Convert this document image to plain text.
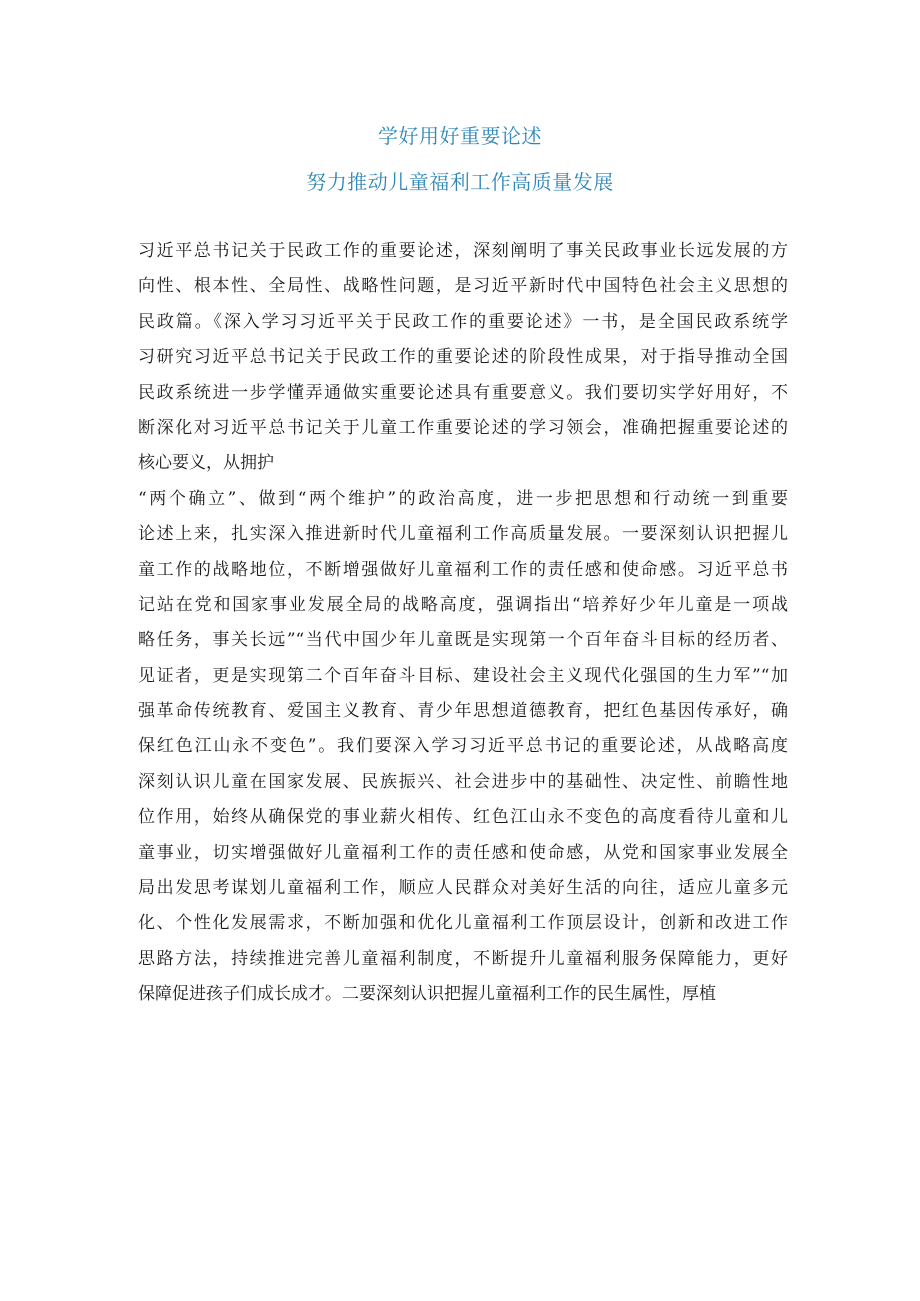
学好用好重要论述
努力推动儿童福利工作高质量发展
习近平总书记关于民政工作的重要论述，深刻阐明了事关民政事业长远发展的方
向性、根本性、全局性、战略性问题，是习近平新时代中国特色社会主义思想的
民政篇。《深入学习习近平关于民政工作的重要论述》一书，是全国民政系统学
习研究习近平总书记关于民政工作的重要论述的阶段性成果，对于指导推动全国
民政系统进一步学懂弄通做实重要论述具有重要意义。我们要切实学好用好，不
断深化对习近平总书记关于儿童工作重要论述的学习领会，准确把握重要论述的
核心要义，从拥护
“两个确立”、做到“两个维护”的政治高度，进一步把思想和行动统一到重要
论述上来，扎实深入推进新时代儿童福利工作高质量发展。一要深刻认识把握儿
童工作的战略地位，不断增强做好儿童福利工作的责任感和使命感。习近平总书
记站在党和国家事业发展全局的战略高度，强调指出“培养好少年儿童是一项战
略任务，事关长远”“当代中国少年儿童既是实现第一个百年奋斗目标的经历者、
见证者，更是实现第二个百年奋斗目标、建设社会主义现代化强国的生力军”“加
强革命传统教育、爱国主义教育、青少年思想道德教育，把红色基因传承好，确
保红色江山永不变色”。我们要深入学习习近平总书记的重要论述，从战略高度
深刻认识儿童在国家发展、民族振兴、社会进步中的基础性、决定性、前瞻性地
位作用，始终从确保党的事业薪火相传、红色江山永不变色的高度看待儿童和儿
童事业，切实增强做好儿童福利工作的责任感和使命感，从党和国家事业发展全
局出发思考谋划儿童福利工作，顺应人民群众对美好生活的向往，适应儿童多元
化、个性化发展需求，不断加强和优化儿童福利工作顶层设计，创新和改进工作
思路方法，持续推进完善儿童福利制度，不断提升儿童福利服务保障能力，更好
保障促进孩子们成长成才。二要深刻认识把握儿童福利工作的民生属性，厚植
